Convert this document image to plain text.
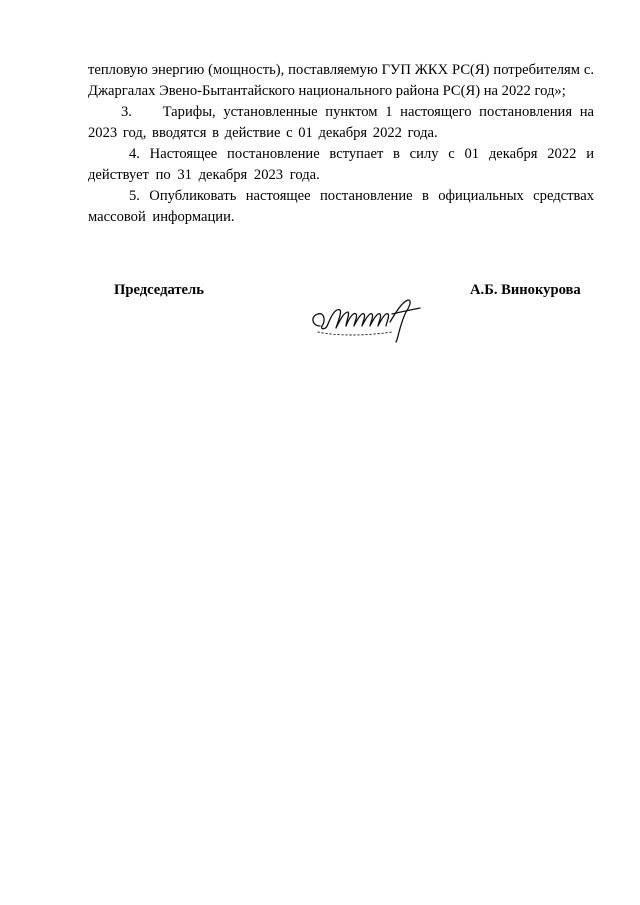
тепловую энергию (мощность), поставляемую ГУП ЖКХ РС(Я) потребителям с. Джаргалах Эвено-Бытантайского национального района РС(Я) на 2022 год»;

3.    Тарифы, установленные пунктом 1 настоящего постановления на 2023 год, вводятся в действие с 01 декабря 2022 года.

4. Настоящее постановление вступает в силу с 01 декабря 2022 и действует по 31 декабря 2023 года.

5. Опубликовать настоящее постановление в официальных средствах массовой информации.

Председатель	А.Б. Винокурова
